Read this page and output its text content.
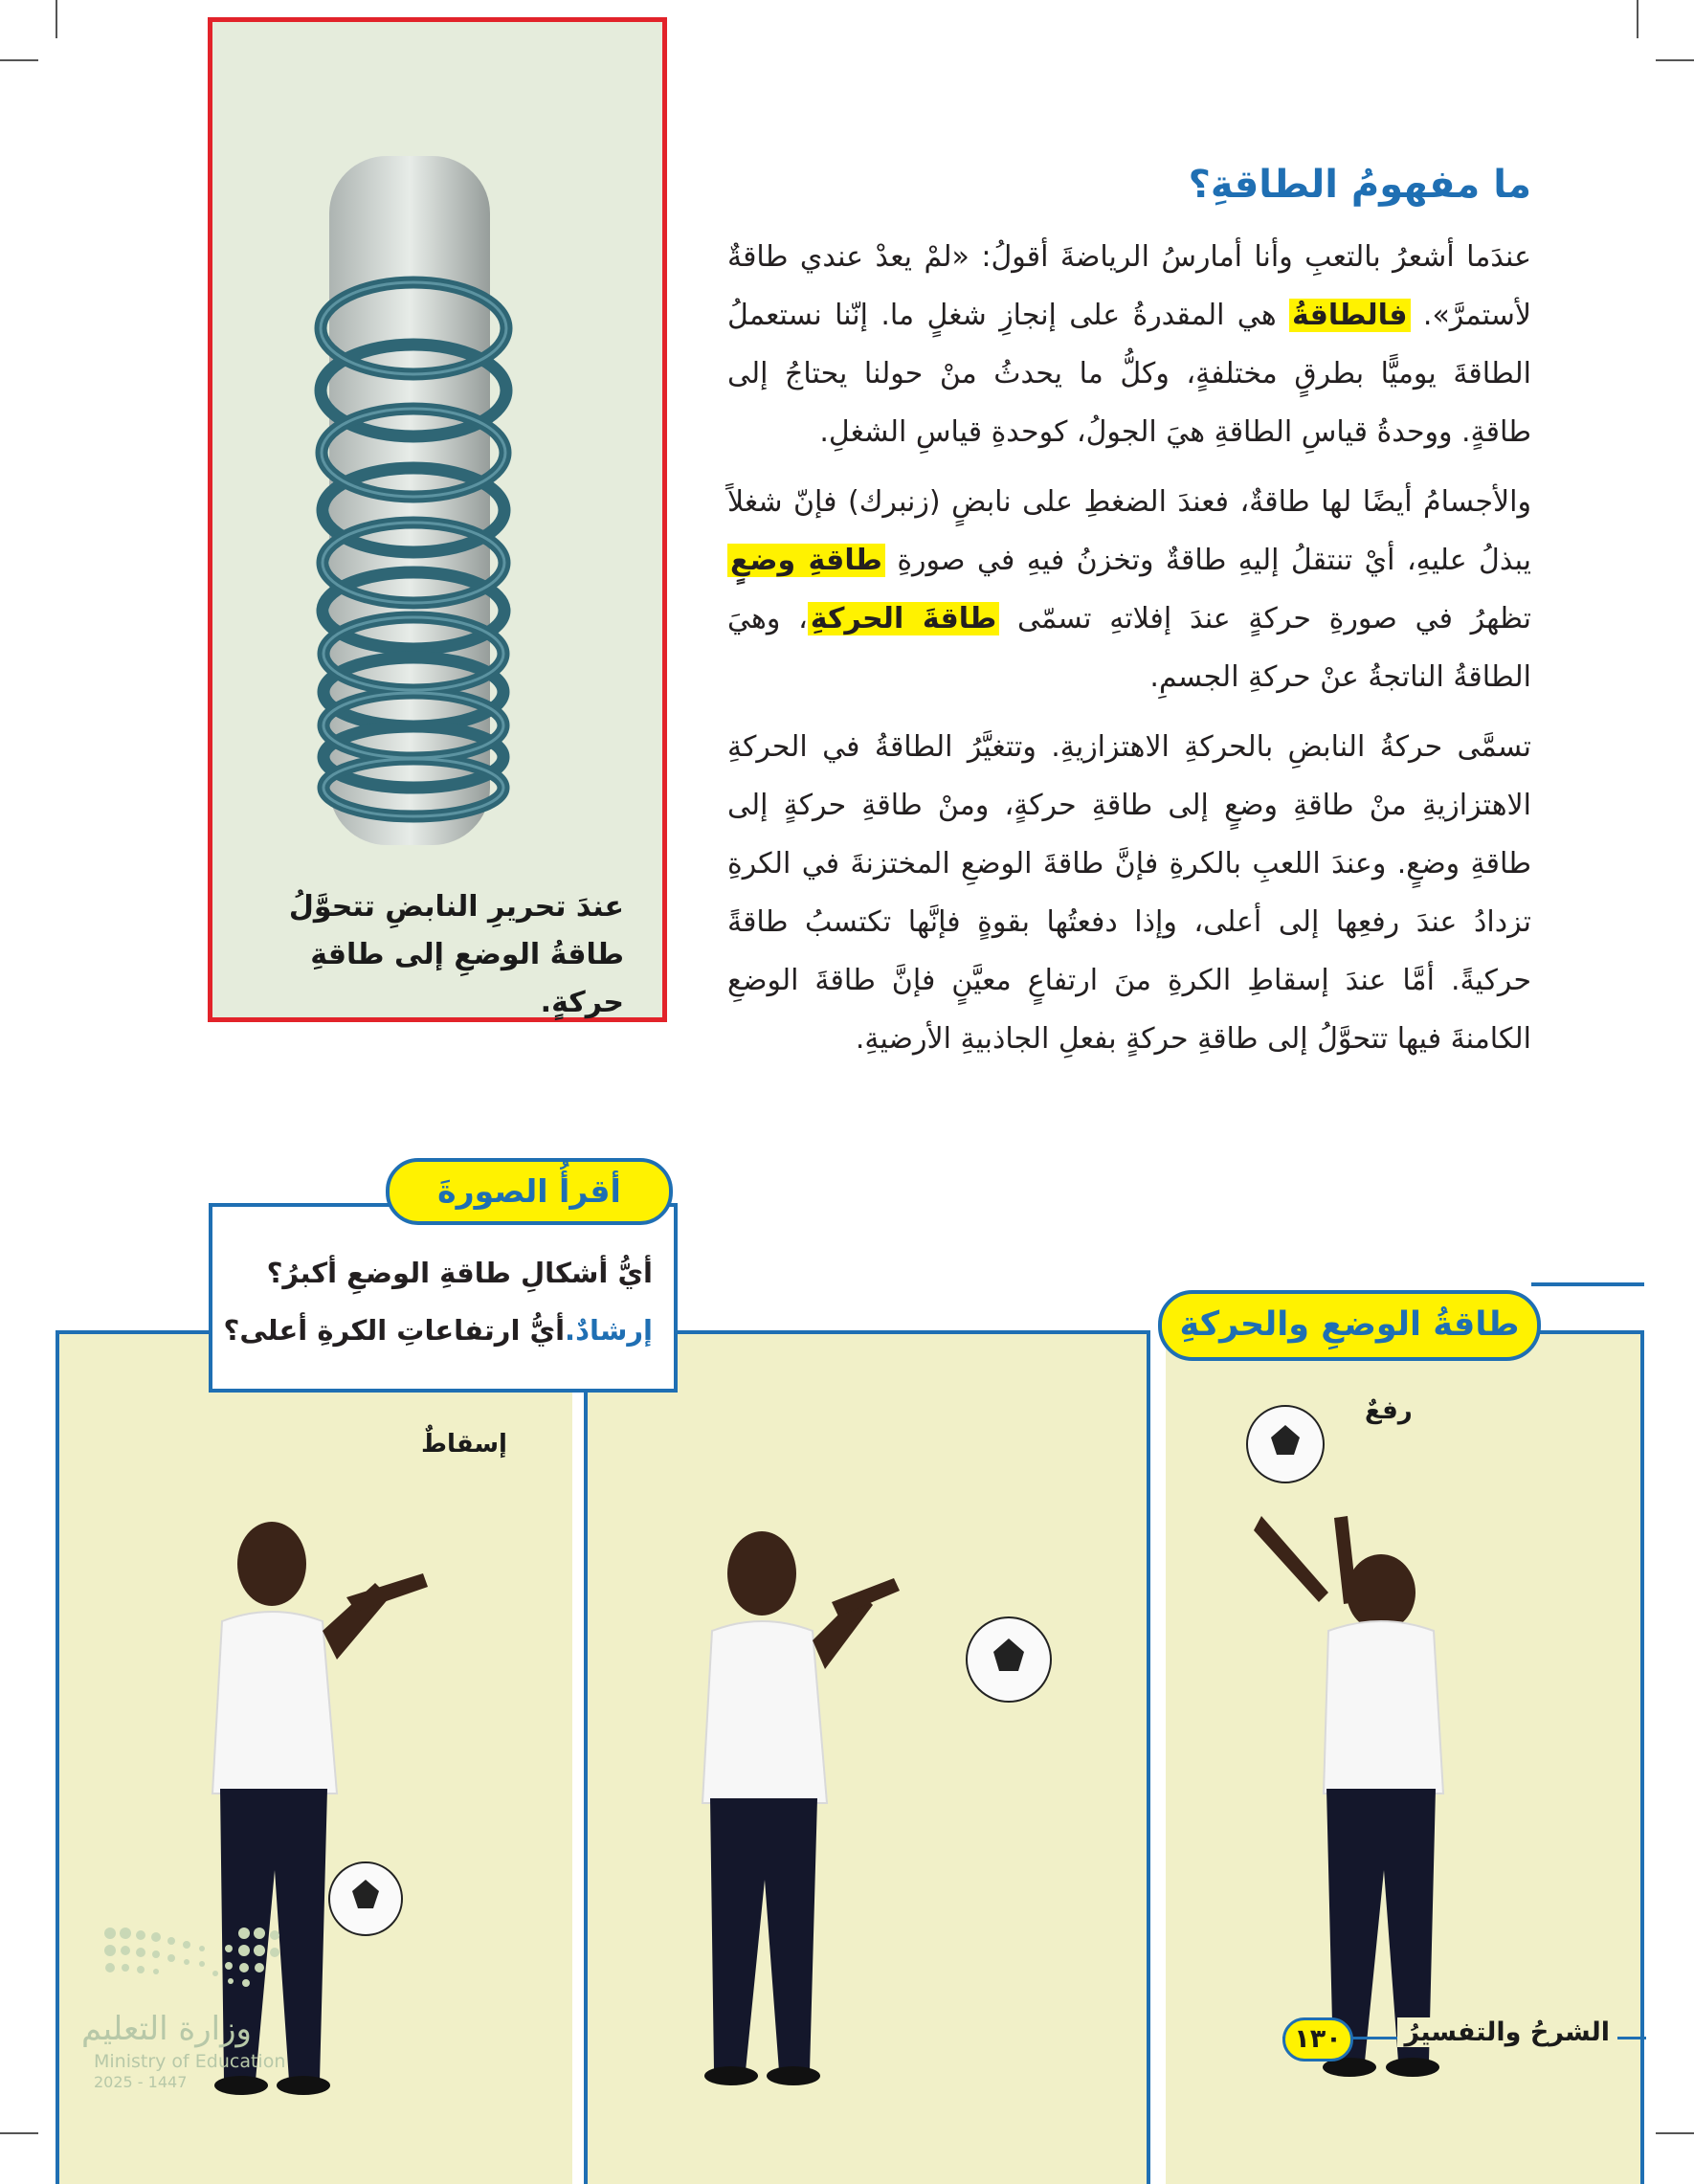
عندَ تحريرِ النابضِ تتحوَّلُ طاقةُ الوضعِ إلى طاقةِ حركةٍ.
ما مفهومُ الطاقةِ؟

عندَما أشعرُ بالتعبِ وأنا أمارسُ الرياضةَ أقولُ: «لمْ يعدْ عندي طاقةٌ لأستمرَّ». فالطاقةُ هي المقدرةُ على إنجازِ شغلٍ ما. إنّنا نستعملُ الطاقةَ يوميًّا بطرقٍ مختلفةٍ، وكلُّ ما يحدثُ منْ حولنا يحتاجُ إلى طاقةٍ. ووحدةُ قياسِ الطاقةِ هيَ الجولُ، كوحدةِ قياسِ الشغلِ.

والأجسامُ أيضًا لها طاقةٌ، فعندَ الضغطِ على نابضٍ (زنبرك) فإنّ شغلاً يبذلُ عليهِ، أيْ تنتقلُ إليهِ طاقةٌ وتخزنُ فيهِ في صورةِ طاقةِ وضعٍ تظهرُ في صورةِ حركةٍ عندَ إفلاتهِ تسمّى طاقةَ الحركةِ، وهيَ الطاقةُ الناتجةُ عنْ حركةِ الجسمِ.

تسمَّى حركةُ النابضِ بالحركةِ الاهتزازيةِ. وتتغيَّرُ الطاقةُ في الحركةِ الاهتزازيةِ منْ طاقةِ وضعٍ إلى طاقةِ حركةٍ، ومنْ طاقةِ حركةٍ إلى طاقةِ وضعٍ. وعندَ اللعبِ بالكرةِ فإنَّ طاقةَ الوضعِ المختزنةَ في الكرةِ تزدادُ عندَ رفعِها إلى أعلى، وإذا دفعتُها بقوةٍ فإنَّها تكتسبُ طاقةً حركيةً. أمَّا عندَ إسقاطِ الكرةِ منَ ارتفاعٍ معيَّنٍ فإنَّ طاقةَ الوضعِ الكامنةَ فيها تتحوَّلُ إلى طاقةِ حركةٍ بفعلِ الجاذبيةِ الأرضيةِ.

إسقاطٌ
رفعٌ
طاقةُ الوضعِ والحركةِ
أيُّ أشكالِ طاقةِ الوضعِ أكبرُ؟
إرشادٌ.أيُّ ارتفاعاتِ الكرةِ أعلى؟
أقرأُ الصورةَ
وزارة التعليم
Ministry of Education
2025 - 1447
الشرحُ والتفسيرُ
١٣٠
